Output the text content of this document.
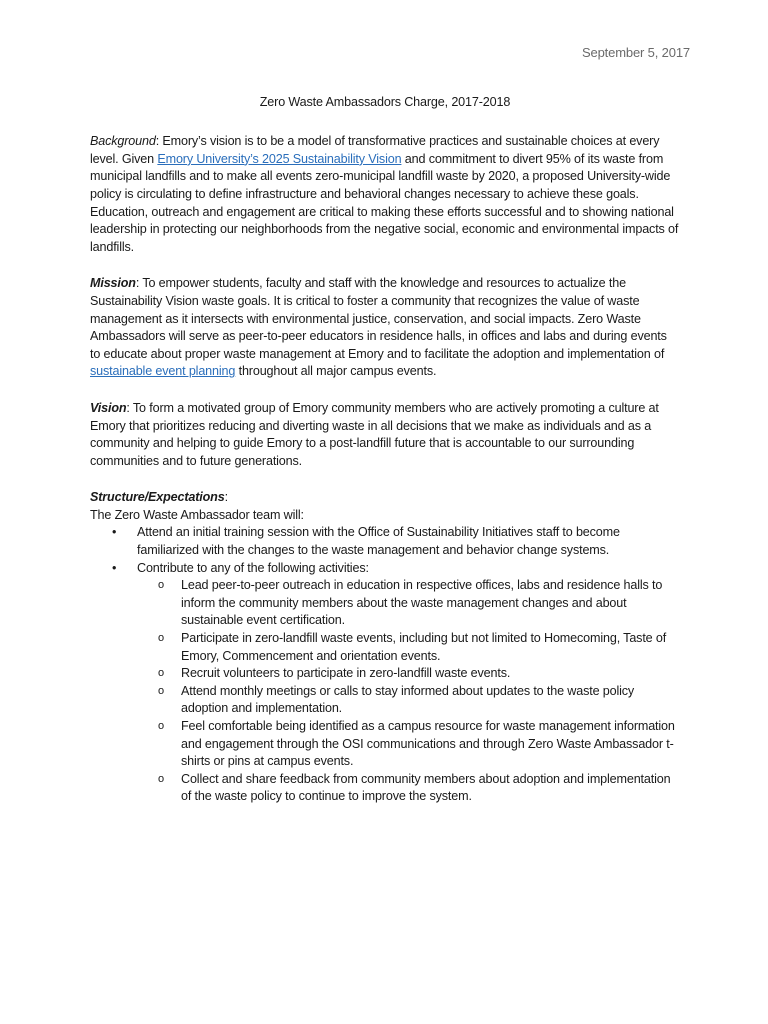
September 5, 2017
Zero Waste Ambassadors Charge, 2017-2018

Background: Emory’s vision is to be a model of transformative practices and sustainable choices at every level. Given Emory University’s 2025 Sustainability Vision and commitment to divert 95% of its waste from municipal landfills and to make all events zero-municipal landfill waste by 2020, a proposed University-wide policy is circulating to define infrastructure and behavioral changes necessary to achieve these goals. Education, outreach and engagement are critical to making these efforts successful and to showing national leadership in protecting our neighborhoods from the negative social, economic and environmental impacts of landfills.

Mission: To empower students, faculty and staff with the knowledge and resources to actualize the Sustainability Vision waste goals. It is critical to foster a community that recognizes the value of waste management as it intersects with environmental justice, conservation, and social impacts. Zero Waste Ambassadors will serve as peer-to-peer educators in residence halls, in offices and labs and during events to educate about proper waste management at Emory and to facilitate the adoption and implementation of sustainable event planning throughout all major campus events.

Vision: To form a motivated group of Emory community members who are actively promoting a culture at Emory that prioritizes reducing and diverting waste in all decisions that we make as individuals and as a community and helping to guide Emory to a post-landfill future that is accountable to our surrounding communities and to future generations.

Structure/Expectations:
The Zero Waste Ambassador team will:
• Attend an initial training session with the Office of Sustainability Initiatives staff to become familiarized with the changes to the waste management and behavior change systems.
• Contribute to any of the following activities:
o Lead peer-to-peer outreach in education in respective offices, labs and residence halls to inform the community members about the waste management changes and about sustainable event certification.
o Participate in zero-landfill waste events, including but not limited to Homecoming, Taste of Emory, Commencement and orientation events.
o Recruit volunteers to participate in zero-landfill waste events.
o Attend monthly meetings or calls to stay informed about updates to the waste policy adoption and implementation.
o Feel comfortable being identified as a campus resource for waste management information and engagement through the OSI communications and through Zero Waste Ambassador t-shirts or pins at campus events.
o Collect and share feedback from community members about adoption and implementation of the waste policy to continue to improve the system.
